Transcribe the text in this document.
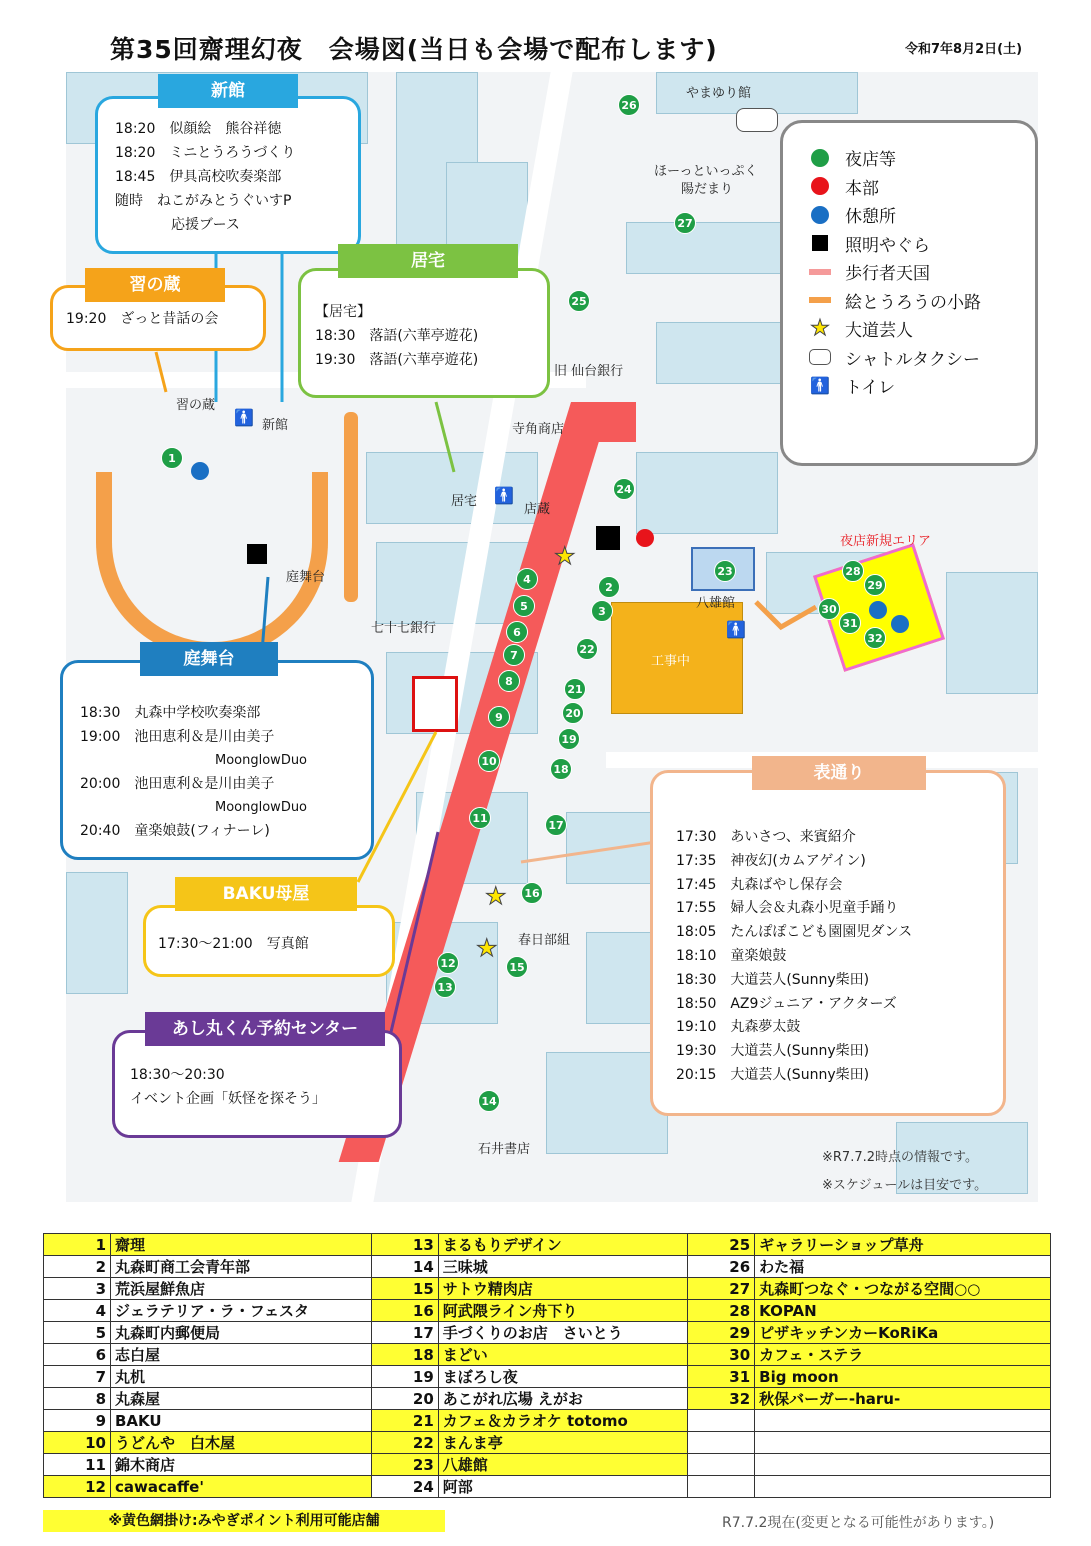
第35回齋理幻夜　会場図(当日も会場で配布します)	令和7年8月2日(土)
工事中
やまゆり館
ほーっといっぷく
陽だまり
旧 仙台銀行
寺角商店
居宅
店蔵
夜店新規エリア
八雄館
七十七銀行
春日部組
石井書店
習の蔵
新館
庭舞台
★
★
★
🚹
🚹
🚹
1
2
3
4
5
6
7
8
9
10
11
12
13
14
15
16
17
18
19
20
21
22
23
24
25
26
27
28
29
30
31
32
夜店等
本部
休憩所
照明やぐら
歩行者天国
絵とうろうの小路
★ 大道芸人
シャトルタクシー
🚹 トイレ
新館
18:20　似顔絵　熊谷祥徳
18:20　ミニとうろうづくり
18:45　伊具高校吹奏楽部
随時　ねこがみとうぐいすP
　　　　応援ブース
習の蔵
19:20　ざっと昔話の会
居宅
【居宅】
18:30　落語(六華亭遊花)
19:30　落語(六華亭遊花)
庭舞台
18:30　丸森中学校吹奏楽部
19:00　池田恵利＆是川由美子
MoonglowDuo
20:00　池田恵利＆是川由美子
MoonglowDuo
20:40　童楽娘鼓(フィナーレ)
BAKU母屋
17:30〜21:00　写真館
あし丸くん予約センター
18:30〜20:30
イベント企画「妖怪を探そう」
表通り
17:30　あいさつ、来賓紹介
17:35　神夜幻(カムアゲイン)
17:45　丸森ばやし保存会
17:55　婦人会＆丸森小児童手踊り
18:05　たんぽぽこども園園児ダンス
18:10　童楽娘鼓
18:30　大道芸人(Sunny柴田)
18:50　AZ9ジュニア・アクターズ
19:10　丸森夢太鼓
19:30　大道芸人(Sunny柴田)
20:15　大道芸人(Sunny柴田)
※R7.7.2時点の情報です。
※スケジュールは目安です。
1	齋理	13	まるもりデザイン	25	ギャラリーショップ草舟
2	丸森町商工会青年部	14	三味城	26	わた福
3	荒浜屋鮮魚店	15	サトウ精肉店	27	丸森町つなぐ・つながる空間○○
4	ジェラテリア・ラ・フェスタ	16	阿武隈ライン舟下り	28	KOPAN
5	丸森町内郵便局	17	手づくりのお店　さいとう	29	ピザキッチンカーKoRiKa
6	志白屋	18	まどい	30	カフェ・ステラ
7	丸机	19	まぼろし夜	31	Big moon
8	丸森屋	20	あこがれ広場 えがお	32	秋保バーガー-haru-
9	BAKU	21	カフェ＆カラオケ totomo		
10	うどんや　白木屋	22	まんま亭		
11	錦木商店	23	八雄館		
12	cawacaffe'	24	阿部		
※黄色網掛け:みやぎポイント利用可能店舗	R7.7.2現在(変更となる可能性があります。)
